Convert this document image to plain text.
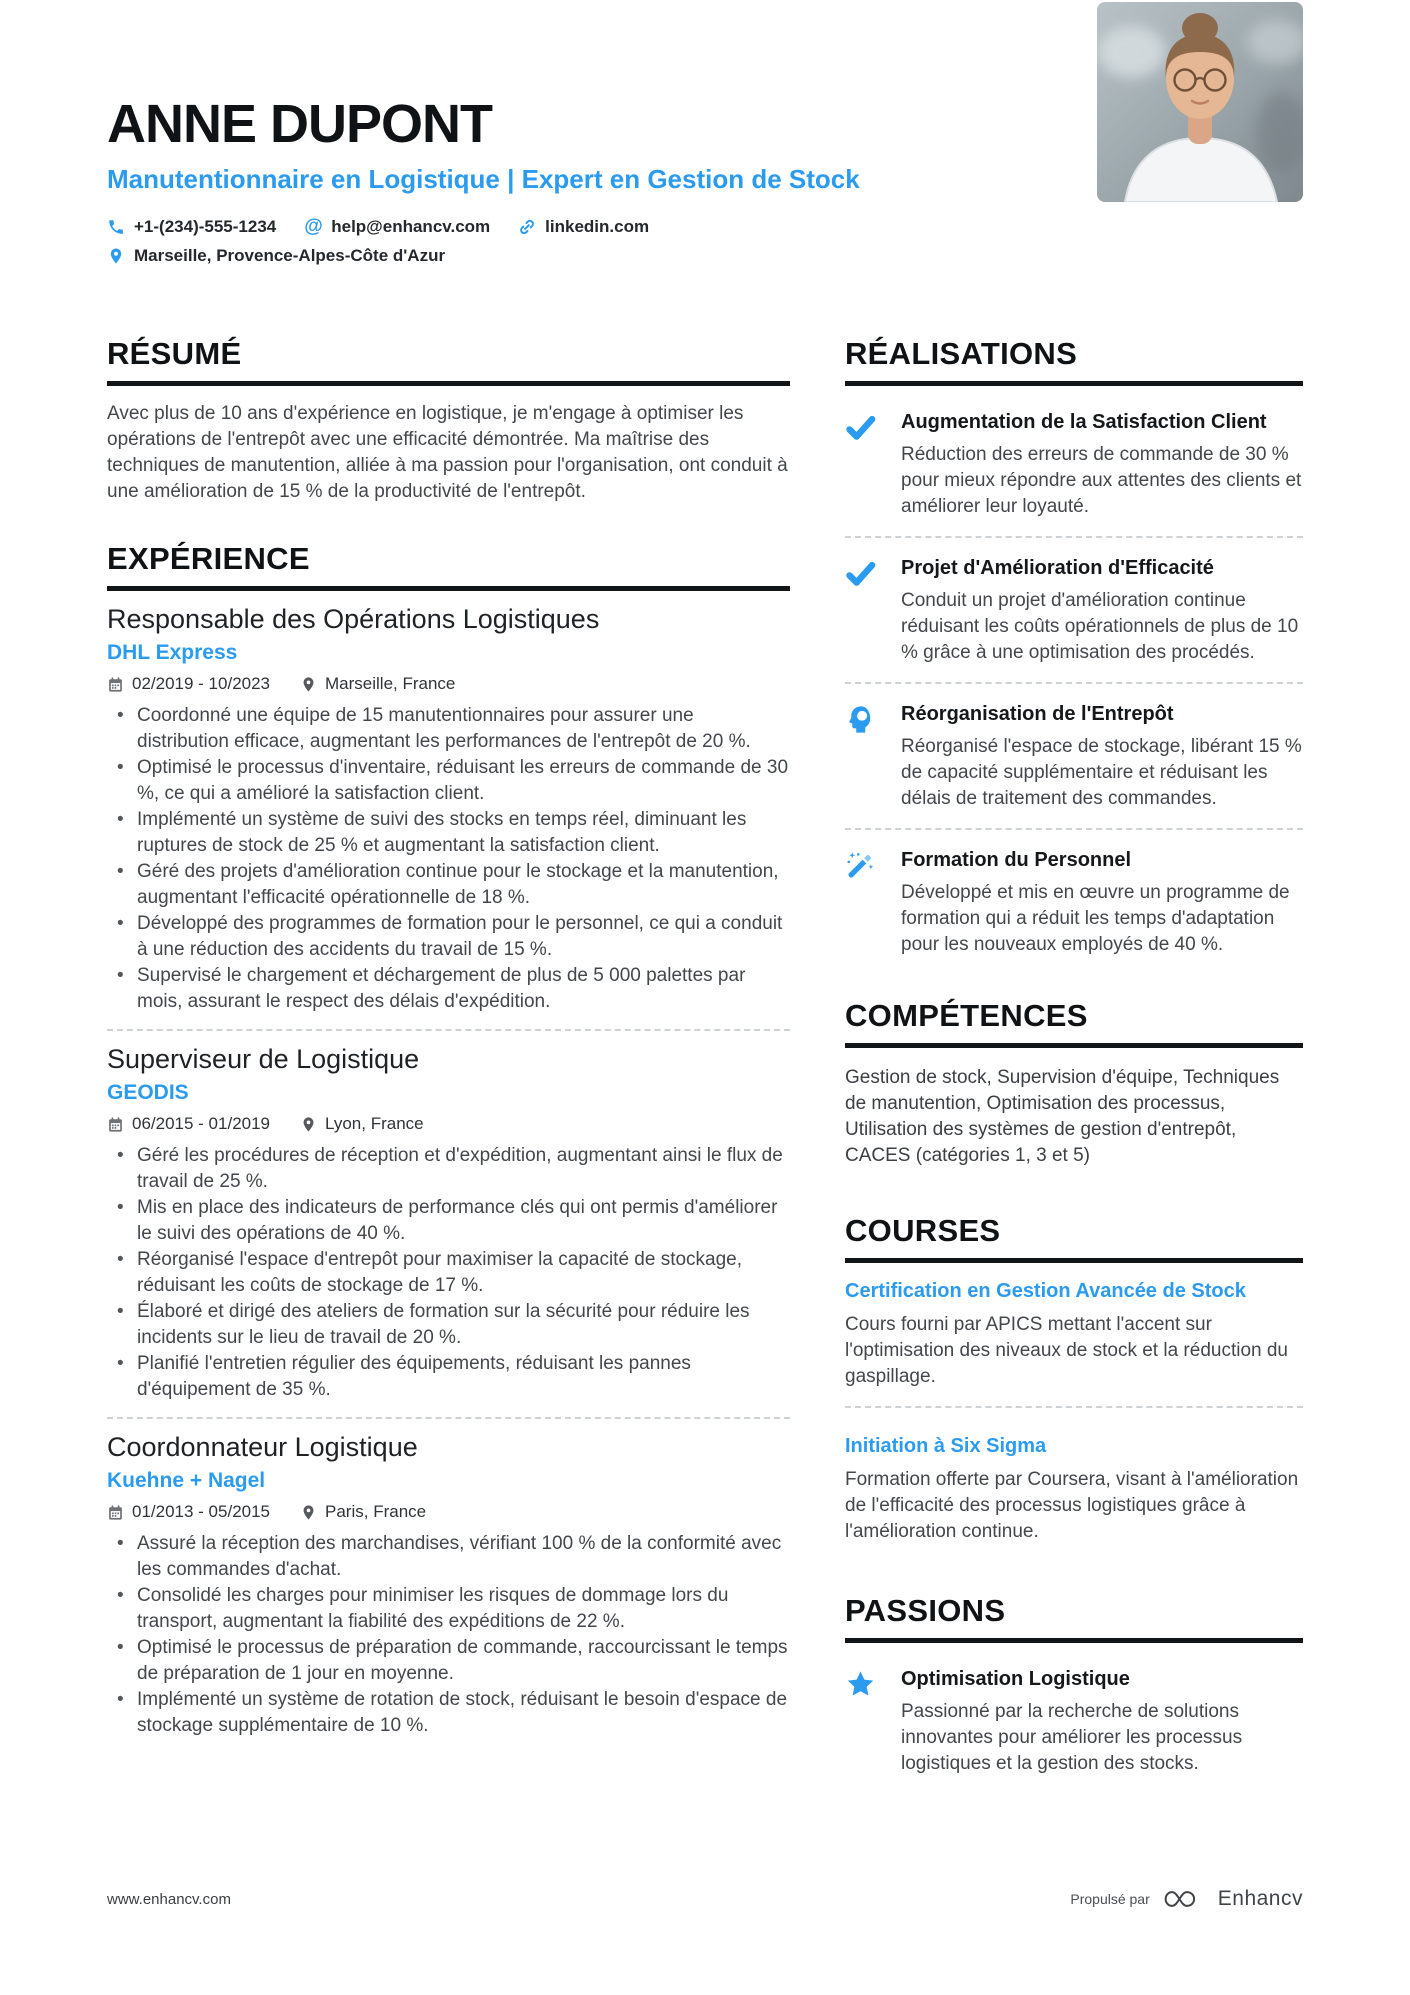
ANNE DUPONT
Manutentionnaire en Logistique | Expert en Gestion de Stock
+1-(234)-555-1234 @ help@enhancv.com	linkedin.com
Marseille, Provence-Alpes-Côte d'Azur
RÉSUMÉ

Avec plus de 10 ans d'expérience en logistique, je m'engage à optimiser les opérations de l'entrepôt avec une efficacité démontrée. Ma maîtrise des techniques de manutention, alliée à ma passion pour l'organisation, ont conduit à une amélioration de 15 % de la productivité de l'entrepôt.

EXPÉRIENCE
Responsable des Opérations Logistiques
DHL Express
02/2019 - 10/2023	Marseille, France
• Coordonné une équipe de 15 manutentionnaires pour assurer une distribution efficace, augmentant les performances de l'entrepôt de 20 %.
• Optimisé le processus d'inventaire, réduisant les erreurs de commande de 30 %, ce qui a amélioré la satisfaction client.
• Implémenté un système de suivi des stocks en temps réel, diminuant les ruptures de stock de 25 % et augmentant la satisfaction client.
• Géré des projets d'amélioration continue pour le stockage et la manutention, augmentant l'efficacité opérationnelle de 18 %.
• Développé des programmes de formation pour le personnel, ce qui a conduit à une réduction des accidents du travail de 15 %.
• Supervisé le chargement et déchargement de plus de 5 000 palettes par mois, assurant le respect des délais d'expédition.
Superviseur de Logistique
GEODIS
06/2015 - 01/2019	Lyon, France
• Géré les procédures de réception et d'expédition, augmentant ainsi le flux de travail de 25 %.
• Mis en place des indicateurs de performance clés qui ont permis d'améliorer le suivi des opérations de 40 %.
• Réorganisé l'espace d'entrepôt pour maximiser la capacité de stockage, réduisant les coûts de stockage de 17 %.
• Élaboré et dirigé des ateliers de formation sur la sécurité pour réduire les incidents sur le lieu de travail de 20 %.
• Planifié l'entretien régulier des équipements, réduisant les pannes d'équipement de 35 %.
Coordonnateur Logistique
Kuehne + Nagel
01/2013 - 05/2015	Paris, France
• Assuré la réception des marchandises, vérifiant 100 % de la conformité avec les commandes d'achat.
• Consolidé les charges pour minimiser les risques de dommage lors du transport, augmentant la fiabilité des expéditions de 22 %.
• Optimisé le processus de préparation de commande, raccourcissant le temps de préparation de 1 jour en moyenne.
• Implémenté un système de rotation de stock, réduisant le besoin d'espace de stockage supplémentaire de 10 %.
RÉALISATIONS
Augmentation de la Satisfaction Client
Réduction des erreurs de commande de 30 % pour mieux répondre aux attentes des clients et améliorer leur loyauté.
Projet d'Amélioration d'Efficacité
Conduit un projet d'amélioration continue réduisant les coûts opérationnels de plus de 10 % grâce à une optimisation des procédés.
Réorganisation de l'Entrepôt
Réorganisé l'espace de stockage, libérant 15 % de capacité supplémentaire et réduisant les délais de traitement des commandes.
Formation du Personnel
Développé et mis en œuvre un programme de formation qui a réduit les temps d'adaptation pour les nouveaux employés de 40 %.
COMPÉTENCES

Gestion de stock, Supervision d'équipe, Techniques de manutention, Optimisation des processus, Utilisation des systèmes de gestion d'entrepôt, CACES (catégories 1, 3 et 5)

COURSES
Certification en Gestion Avancée de Stock
Cours fourni par APICS mettant l'accent sur l'optimisation des niveaux de stock et la réduction du gaspillage.
Initiation à Six Sigma
Formation offerte par Coursera, visant à l'amélioration de l'efficacité des processus logistiques grâce à l'amélioration continue.
PASSIONS
Optimisation Logistique
Passionné par la recherche de solutions innovantes pour améliorer les processus logistiques et la gestion des stocks.
www.enhancv.com	Propulsé par	Enhancv
